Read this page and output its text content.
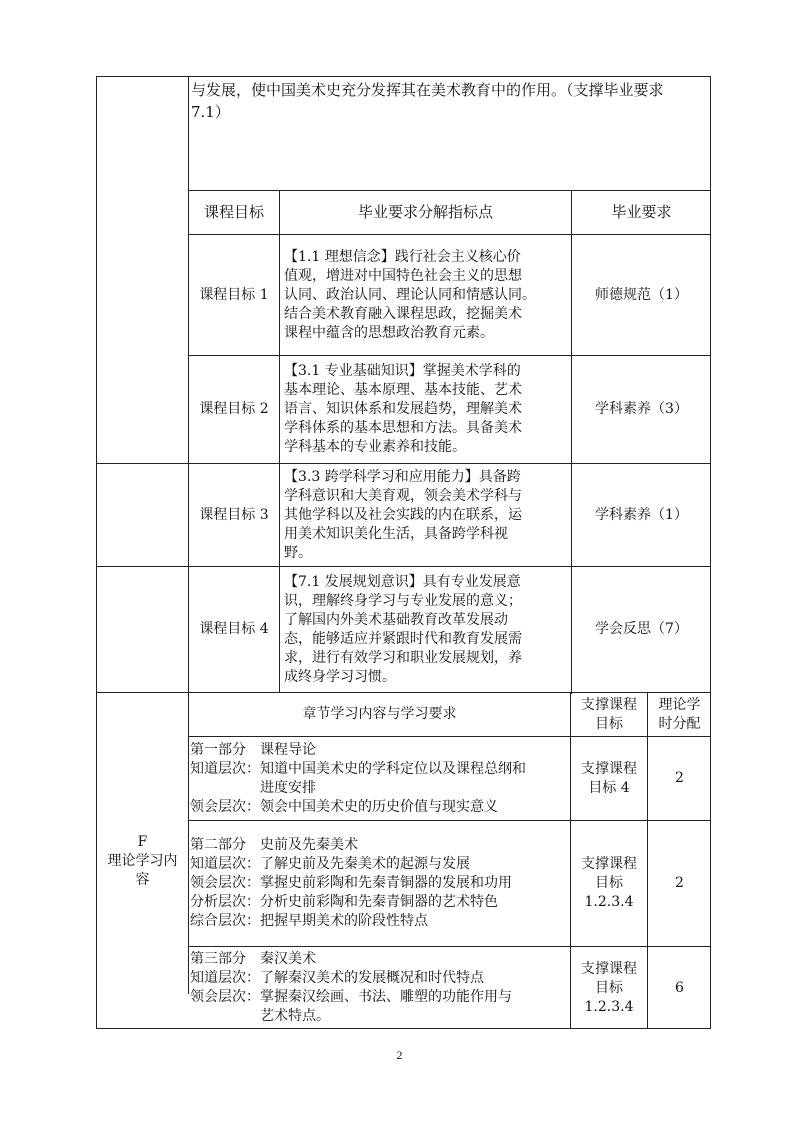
与发展，使中国美术史充分发挥其在美术教育中的作用。（支撑毕业要求
7.1）
课程目标	毕业要求分解指标点	毕业要求
课程目标 1
【1.1 理想信念】践行社会主义核心价
值观，增进对中国特色社会主义的思想
认同、政治认同、理论认同和情感认同。
结合美术教育融入课程思政，挖掘美术
课程中蕴含的思想政治教育元素。
师德规范（1）
课程目标 2
【3.1 专业基础知识】掌握美术学科的
基本理论、基本原理、基本技能、艺术
语言、知识体系和发展趋势，理解美术
学科体系的基本思想和方法。具备美术
学科基本的专业素养和技能。
学科素养（3）
课程目标 3
【3.3 跨学科学习和应用能力】具备跨
学科意识和大美育观，领会美术学科与
其他学科以及社会实践的内在联系，运
用美术知识美化生活，具备跨学科视
野。
学科素养（1）
课程目标 4
【7.1 发展规划意识】具有专业发展意
识，理解终身学习与专业发展的意义；
了解国内外美术基础教育改革发展动
态，能够适应并紧跟时代和教育发展需
求，进行有效学习和职业发展规划，养
成终身学习习惯。
学会反思（7）
F
理论学习内
容
章节学习内容与学习要求
支撑课程
目标
理论学
时分配
第一部分　课程导论
知道层次：知道中国美术史的学科定位以及课程总纲和
　　　　　进度安排
领会层次：领会中国美术史的历史价值与现实意义
支撑课程
目标 4
2
第二部分　史前及先秦美术
知道层次：了解史前及先秦美术的起源与发展
领会层次：掌握史前彩陶和先秦青铜器的发展和功用
分析层次：分析史前彩陶和先秦青铜器的艺术特色
综合层次：把握早期美术的阶段性特点
支撑课程
目标
1.2.3.4
2
第三部分　秦汉美术
知道层次：了解秦汉美术的发展概况和时代特点
领会层次：掌握秦汉绘画、书法、雕塑的功能作用与
　　　　　艺术特点。
支撑课程
目标
1.2.3.4
6
2
